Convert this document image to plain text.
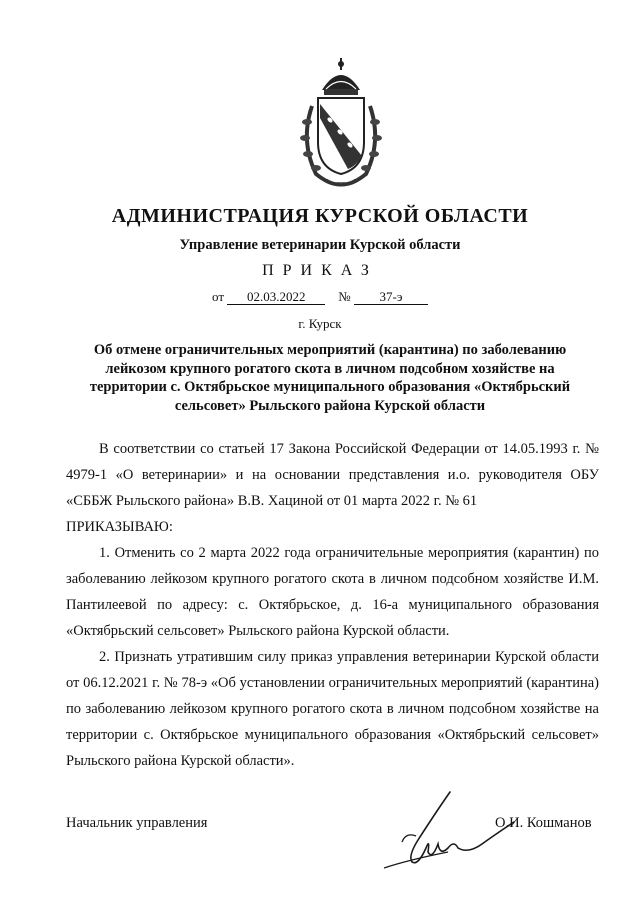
АДМИНИСТРАЦИЯ КУРСКОЙ ОБЛАСТИ
Управление ветеринарии Курской области
ПРИКАЗ
от 02.03.2022	№ 37-э
г. Курск
Об отмене ограничительных мероприятий (карантина) по заболеванию лейкозом крупного рогатого скота в личном подсобном хозяйстве на территории с. Октябрьское муниципального образования «Октябрьский сельсовет» Рыльского района Курской области

В соответствии со статьей 17 Закона Российской Федерации от 14.05.1993 г. № 4979-1 «О ветеринарии» и на основании представления и.о. руководителя ОБУ «СББЖ Рыльского района» В.В. Хациной от 01 марта 2022 г. № 61

ПРИКАЗЫВАЮ:

1. Отменить со 2 марта 2022 года ограничительные мероприятия (карантин) по заболеванию лейкозом крупного рогатого скота в личном подсобном хозяйстве И.М. Пантилеевой по адресу: с. Октябрьское, д. 16-а муниципального образования «Октябрьский сельсовет» Рыльского района Курской области.

2. Признать утратившим силу приказ управления ветеринарии Курской области от 06.12.2021 г. № 78-э «Об установлении ограничительных мероприятий (карантина) по заболеванию лейкозом крупного рогатого скота в личном подсобном хозяйстве на территории с. Октябрьское муниципального образования «Октябрьский сельсовет» Рыльского района Курской области».

Начальник управления	О.И. Кошманов
